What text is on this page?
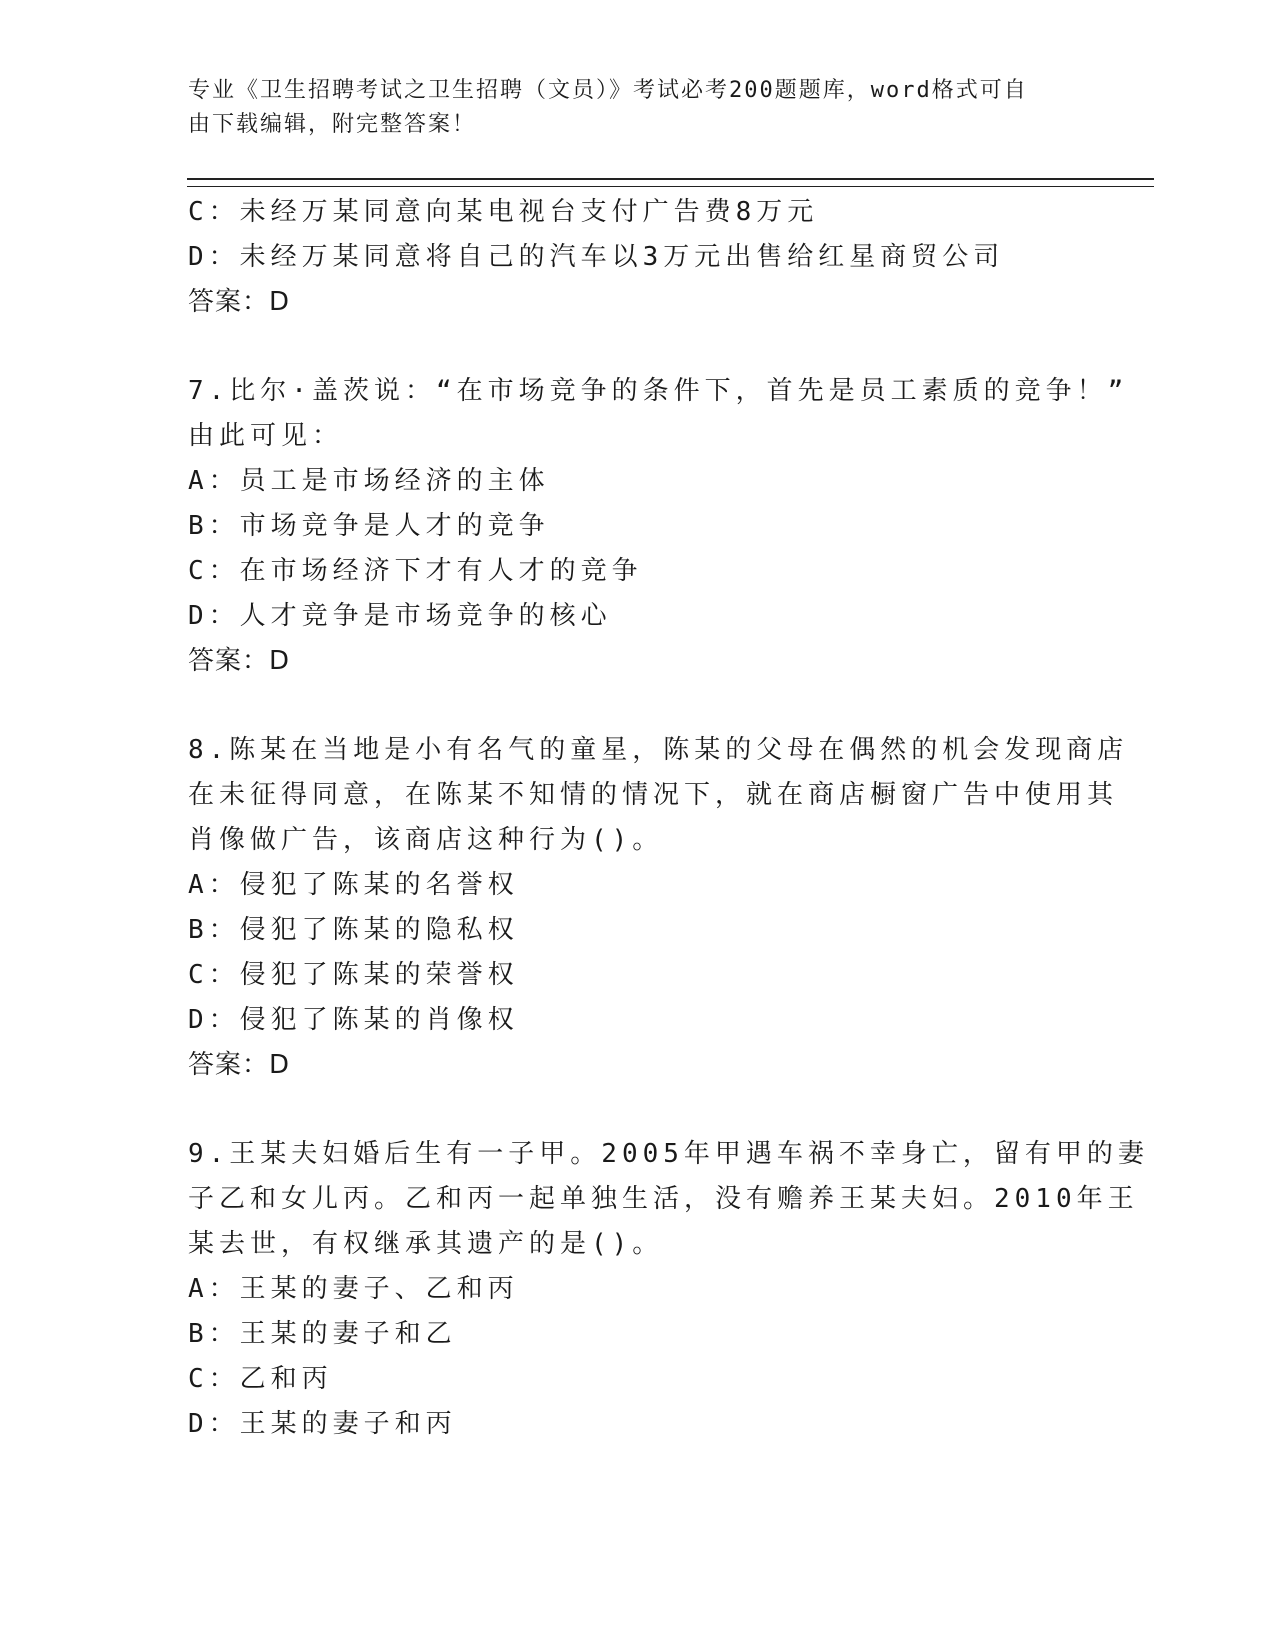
专业《卫生招聘考试之卫生招聘（文员）》考试必考200题题库，word格式可自
由下载编辑，附完整答案！
C：未经万某同意向某电视台支付广告费8万元
D：未经万某同意将自己的汽车以3万元出售给红星商贸公司
答案：D
7.比尔·盖茨说：“在市场竞争的条件下，首先是员工素质的竞争！”
由此可见：
A：员工是市场经济的主体
B：市场竞争是人才的竞争
C：在市场经济下才有人才的竞争
D：人才竞争是市场竞争的核心
答案：D
8.陈某在当地是小有名气的童星，陈某的父母在偶然的机会发现商店
在未征得同意，在陈某不知情的情况下，就在商店橱窗广告中使用其
肖像做广告，该商店这种行为()。
A：侵犯了陈某的名誉权
B：侵犯了陈某的隐私权
C：侵犯了陈某的荣誉权
D：侵犯了陈某的肖像权
答案：D
9.王某夫妇婚后生有一子甲。2005年甲遇车祸不幸身亡，留有甲的妻
子乙和女儿丙。乙和丙一起单独生活，没有赡养王某夫妇。2010年王
某去世，有权继承其遗产的是()。
A：王某的妻子、乙和丙
B：王某的妻子和乙
C：乙和丙
D：王某的妻子和丙
